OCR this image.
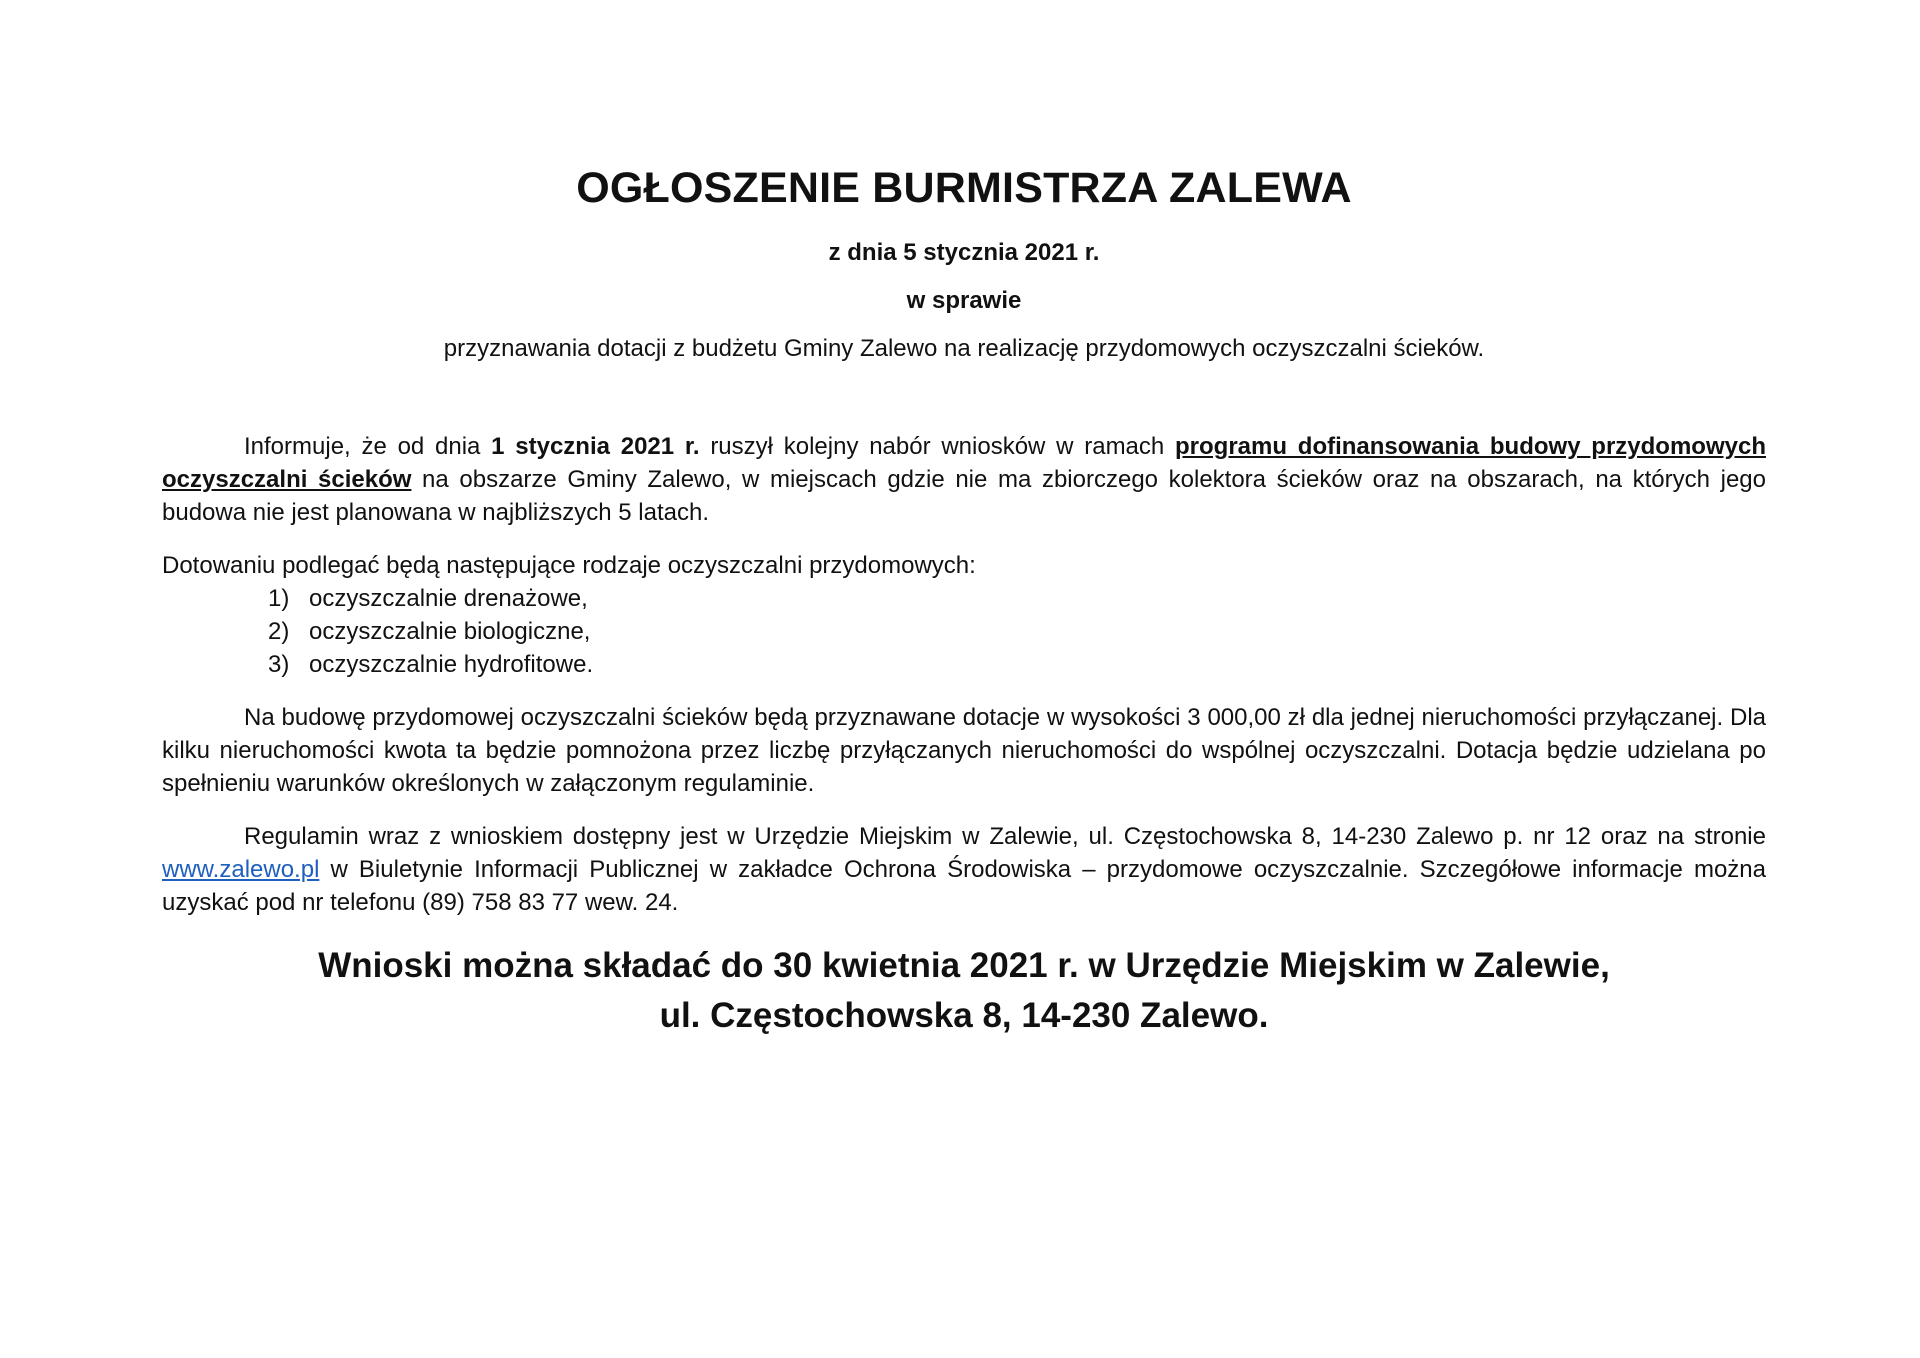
OGŁOSZENIE BURMISTRZA ZALEWA

z dnia 5 stycznia 2021 r.

w sprawie

przyznawania dotacji z budżetu Gminy Zalewo na realizację przydomowych oczyszczalni ścieków.

Informuje, że od dnia 1 stycznia 2021 r. ruszył kolejny nabór wniosków w ramach programu dofinansowania budowy przydomowych oczyszczalni ścieków na obszarze Gminy Zalewo, w miejscach gdzie nie ma zbiorczego kolektora ścieków oraz na obszarach, na których jego budowa nie jest planowana w najbliższych 5 latach.

Dotowaniu podlegać będą następujące rodzaje oczyszczalni przydomowych:

1) oczyszczalnie drenażowe,
2) oczyszczalnie biologiczne,
3) oczyszczalnie hydrofitowe.

Na budowę przydomowej oczyszczalni ścieków będą przyznawane dotacje w wysokości 3 000,00 zł dla jednej nieruchomości przyłączanej. Dla kilku nieruchomości kwota ta będzie pomnożona przez liczbę przyłączanych nieruchomości do wspólnej oczyszczalni. Dotacja będzie udzielana po spełnieniu warunków określonych w załączonym regulaminie.

Regulamin wraz z wnioskiem dostępny jest w Urzędzie Miejskim w Zalewie, ul. Częstochowska 8, 14-230 Zalewo p. nr 12 oraz na stronie www.zalewo.pl w Biuletynie Informacji Publicznej w zakładce Ochrona Środowiska – przydomowe oczyszczalnie. Szczegółowe informacje można uzyskać pod nr telefonu (89) 758 83 77 wew. 24.

Wnioski można składać do 30 kwietnia 2021 r. w Urzędzie Miejskim w Zalewie,
ul. Częstochowska 8, 14-230 Zalewo.
